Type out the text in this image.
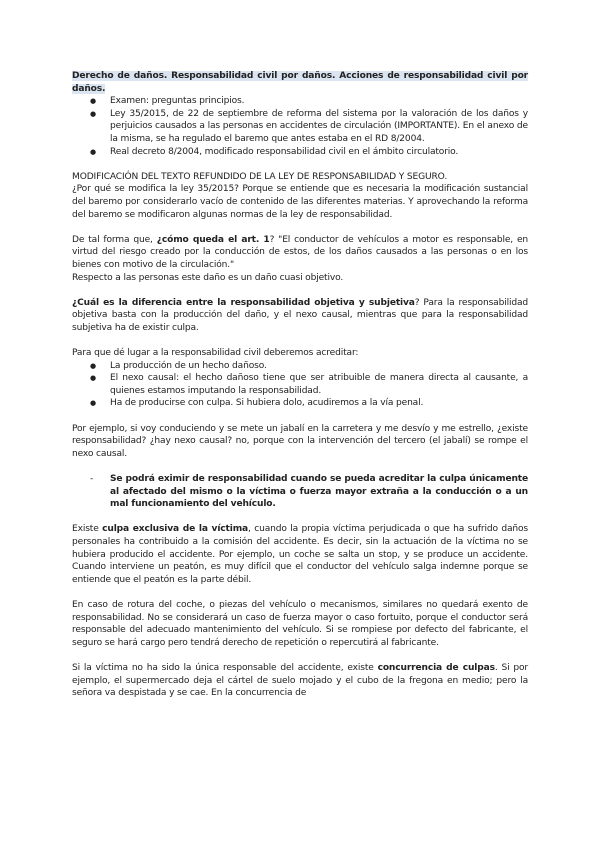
Derecho de daños. Responsabilidad civil por daños. Acciones de responsabilidad civil por daños.

● Examen: preguntas principios.
● Ley 35/2015, de 22 de septiembre de reforma del sistema por la valoración de los daños y perjuicios causados a las personas en accidentes de circulación (IMPORTANTE). En el anexo de la misma, se ha regulado el baremo que antes estaba en el RD 8/2004.
● Real decreto 8/2004, modificado responsabilidad civil en el ámbito circulatorio.

MODIFICACIÓN DEL TEXTO REFUNDIDO DE LA LEY DE RESPONSABILIDAD Y SEGURO.

¿Por qué se modifica la ley 35/2015? Porque se entiende que es necesaria la modificación sustancial del baremo por considerarlo vacío de contenido de las diferentes materias. Y aprovechando la reforma del baremo se modificaron algunas normas de la ley de responsabilidad.

De tal forma que, ¿cómo queda el art. 1? "El conductor de vehículos a motor es responsable, en virtud del riesgo creado por la conducción de estos, de los daños causados a las personas o en los bienes con motivo de la circulación."

Respecto a las personas este daño es un daño cuasi objetivo.

¿Cuál es la diferencia entre la responsabilidad objetiva y subjetiva? Para la responsabilidad objetiva basta con la producción del daño, y el nexo causal, mientras que para la responsabilidad subjetiva ha de existir culpa.

Para que dé lugar a la responsabilidad civil deberemos acreditar:

● La producción de un hecho dañoso.
● El nexo causal: el hecho dañoso tiene que ser atribuible de manera directa al causante, a quienes estamos imputando la responsabilidad.
● Ha de producirse con culpa. Si hubiera dolo, acudiremos a la vía penal.

Por ejemplo, si voy conduciendo y se mete un jabalí en la carretera y me desvío y me estrello, ¿existe responsabilidad? ¿hay nexo causal? no, porque con la intervención del tercero (el jabalí) se rompe el nexo causal.

- Se podrá eximir de responsabilidad cuando se pueda acreditar la culpa únicamente al afectado del mismo o la víctima o fuerza mayor extraña a la conducción o a un mal funcionamiento del vehículo.

Existe culpa exclusiva de la víctima, cuando la propia víctima perjudicada o que ha sufrido daños personales ha contribuido a la comisión del accidente. Es decir, sin la actuación de la víctima no se hubiera producido el accidente. Por ejemplo, un coche se salta un stop, y se produce un accidente. Cuando interviene un peatón, es muy difícil que el conductor del vehículo salga indemne porque se entiende que el peatón es la parte débil.

En caso de rotura del coche, o piezas del vehículo o mecanismos, similares no quedará exento de responsabilidad. No se considerará un caso de fuerza mayor o caso fortuito, porque el conductor será responsable del adecuado mantenimiento del vehículo. Si se rompiese por defecto del fabricante, el seguro se hará cargo pero tendrá derecho de repetición o repercutirá al fabricante.

Si la víctima no ha sido la única responsable del accidente, existe concurrencia de culpas. Si por ejemplo, el supermercado deja el cártel de suelo mojado y el cubo de la fregona en medio; pero la señora va despistada y se cae. En la concurrencia de
